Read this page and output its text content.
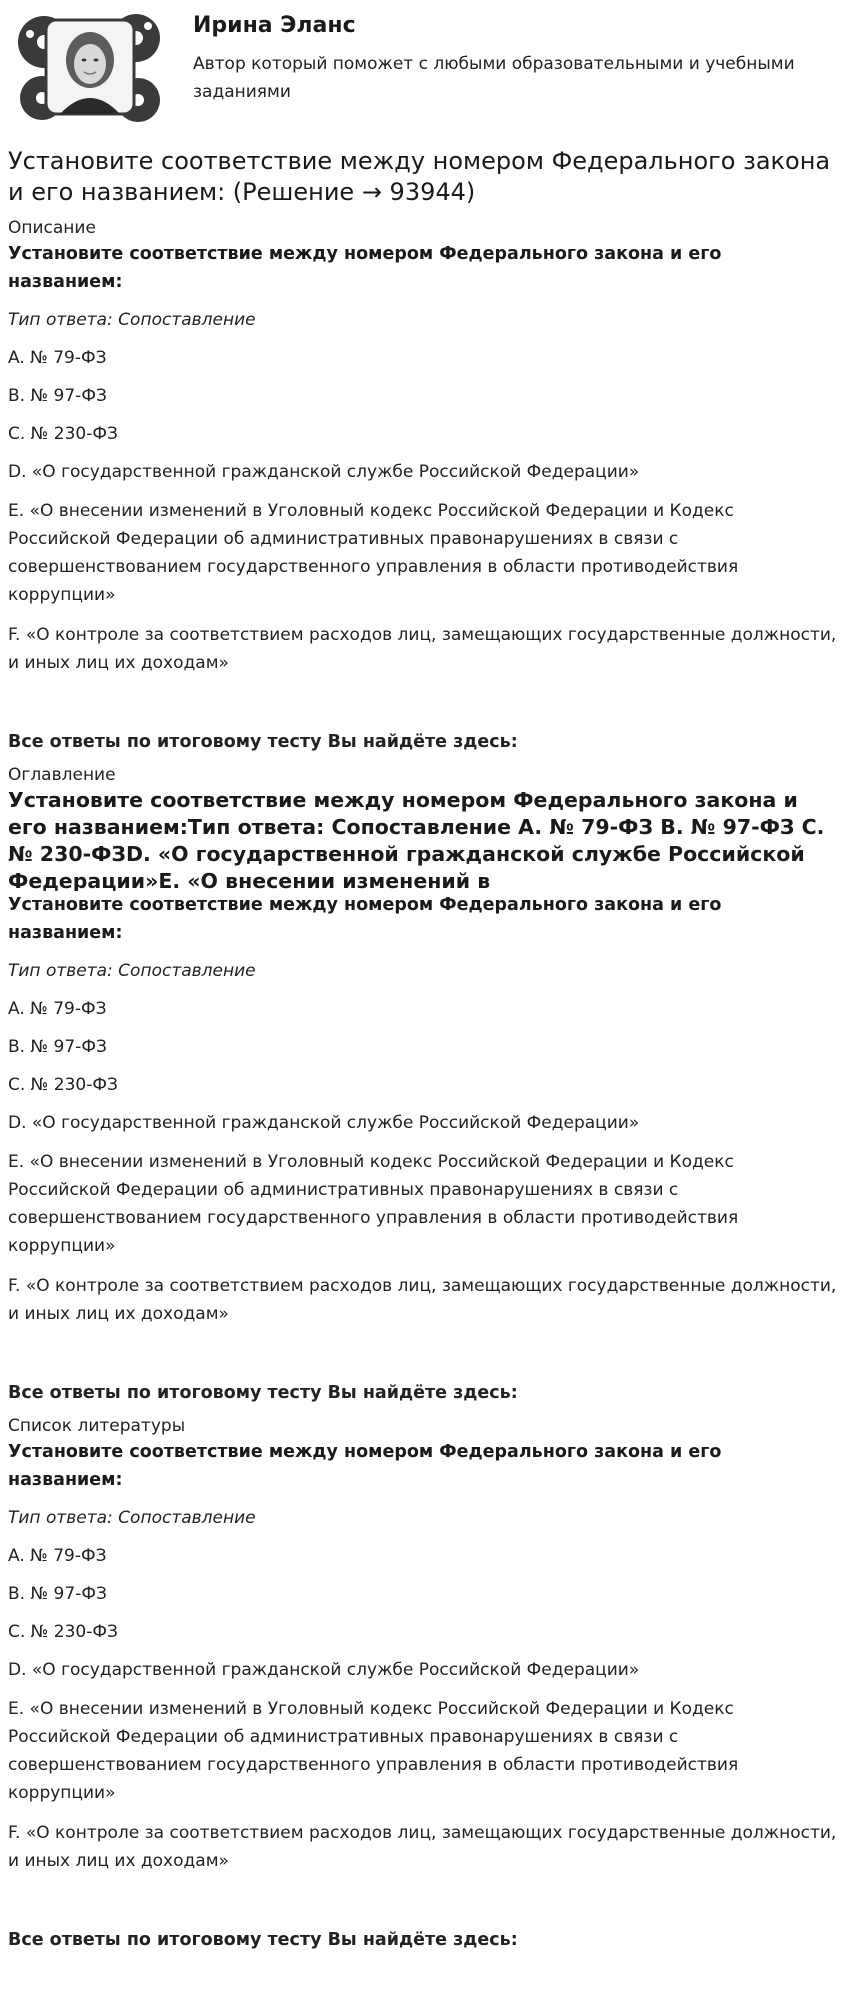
Ирина Эланс

Автор который поможет с любыми образовательными и учебными заданиями

Установите соответствие между номером Федерального закона и его названием: (Решение → 93944)
Описание

Установите соответствие между номером Федерального закона и его названием:

Тип ответа: Сопоставление

A. № 79-ФЗ

B. № 97-ФЗ

C. № 230-ФЗ

D. «О государственной гражданской службе Российской Федерации»

E. «О внесении изменений в Уголовный кодекс Российской Федерации и Кодекс Российской Федерации об административных правонарушениях в связи с совершенствованием государственного управления в области противодействия коррупции»

F. «О контроле за соответствием расходов лиц, замещающих государственные должности, и иных лиц их доходам»

Все ответы по итоговому тесту Вы найдёте здесь:

Оглавление

Установите соответствие между номером Федерального закона и его названием:Тип ответа: Сопоставление A. № 79-ФЗ B. № 97-ФЗ C. № 230-ФЗD. «О государственной гражданской службе Российской Федерации»E. «О внесении изменений в

Установите соответствие между номером Федерального закона и его названием:

Тип ответа: Сопоставление

A. № 79-ФЗ

B. № 97-ФЗ

C. № 230-ФЗ

D. «О государственной гражданской службе Российской Федерации»

E. «О внесении изменений в Уголовный кодекс Российской Федерации и Кодекс Российской Федерации об административных правонарушениях в связи с совершенствованием государственного управления в области противодействия коррупции»

F. «О контроле за соответствием расходов лиц, замещающих государственные должности, и иных лиц их доходам»

Все ответы по итоговому тесту Вы найдёте здесь:

Список литературы

Установите соответствие между номером Федерального закона и его названием:

Тип ответа: Сопоставление

A. № 79-ФЗ

B. № 97-ФЗ

C. № 230-ФЗ

D. «О государственной гражданской службе Российской Федерации»

E. «О внесении изменений в Уголовный кодекс Российской Федерации и Кодекс Российской Федерации об административных правонарушениях в связи с совершенствованием государственного управления в области противодействия коррупции»

F. «О контроле за соответствием расходов лиц, замещающих государственные должности, и иных лиц их доходам»

Все ответы по итоговому тесту Вы найдёте здесь:
